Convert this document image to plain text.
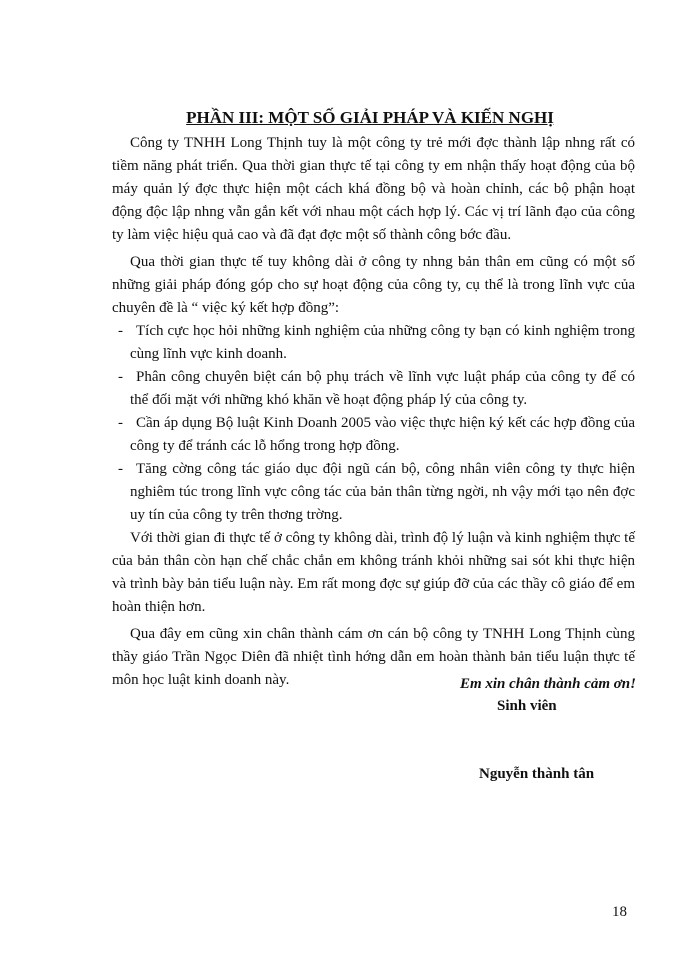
PHẦN III: MỘT SỐ GIẢI PHÁP VÀ KIẾN NGHỊ

Công ty TNHH Long Thịnh tuy là một công ty trẻ mới đợc thành lập nhng rất có tiềm năng phát triển. Qua thời gian thực tế tại công ty em nhận thấy hoạt động của bộ máy quản lý đợc thực hiện một cách khá đồng bộ và hoàn chỉnh, các bộ phận hoạt động độc lập nhng vẫn gắn kết với nhau một cách hợp lý. Các vị trí lãnh đạo của công ty làm việc hiệu quả cao và đã đạt đợc một số thành công bớc đầu.

Qua thời gian thực tế tuy không dài ở công ty nhng bản thân em cũng có một số những giải pháp đóng góp cho sự hoạt động của công ty, cụ thể là trong lĩnh vực của chuyên đề là “ việc ký kết hợp đồng”:

- Tích cực học hỏi những kinh nghiệm của những công ty bạn có kinh nghiệm trong cùng lĩnh vực kinh doanh.

- Phân công chuyên biệt cán bộ phụ trách về lĩnh vực luật pháp của công ty để có thể đối mặt với những khó khăn về hoạt động pháp lý của công ty.

- Cần áp dụng Bộ luật Kinh Doanh 2005 vào việc thực hiện ký kết các hợp đồng của công ty để tránh các lỗ hổng trong hợp đồng.

- Tăng cờng công tác giáo dục đội ngũ cán bộ, công nhân viên công ty thực hiện nghiêm túc trong lĩnh vực công tác của bản thân từng ngời, nh vậy mới tạo nên đợc uy tín của công ty trên thơng trờng.

Với thời gian đi thực tế ở công ty không dài, trình độ lý luận và kinh nghiệm thực tế của bản thân còn hạn chế chắc chắn em không tránh khỏi những sai sót khi thực hiện và trình bày bản tiểu luận này. Em rất mong đợc sự giúp đỡ của các thầy cô giáo để em hoàn thiện hơn.

Qua đây em cũng xin chân thành cám ơn cán bộ công ty TNHH Long Thịnh cùng thầy giáo Trần Ngọc Diên đã nhiệt tình hớng dẫn em hoàn thành bản tiểu luận thực tế môn học luật kinh doanh này.	Em xin chân thành cảm ơn!
Sinh viên
Nguyễn thành tân
18
